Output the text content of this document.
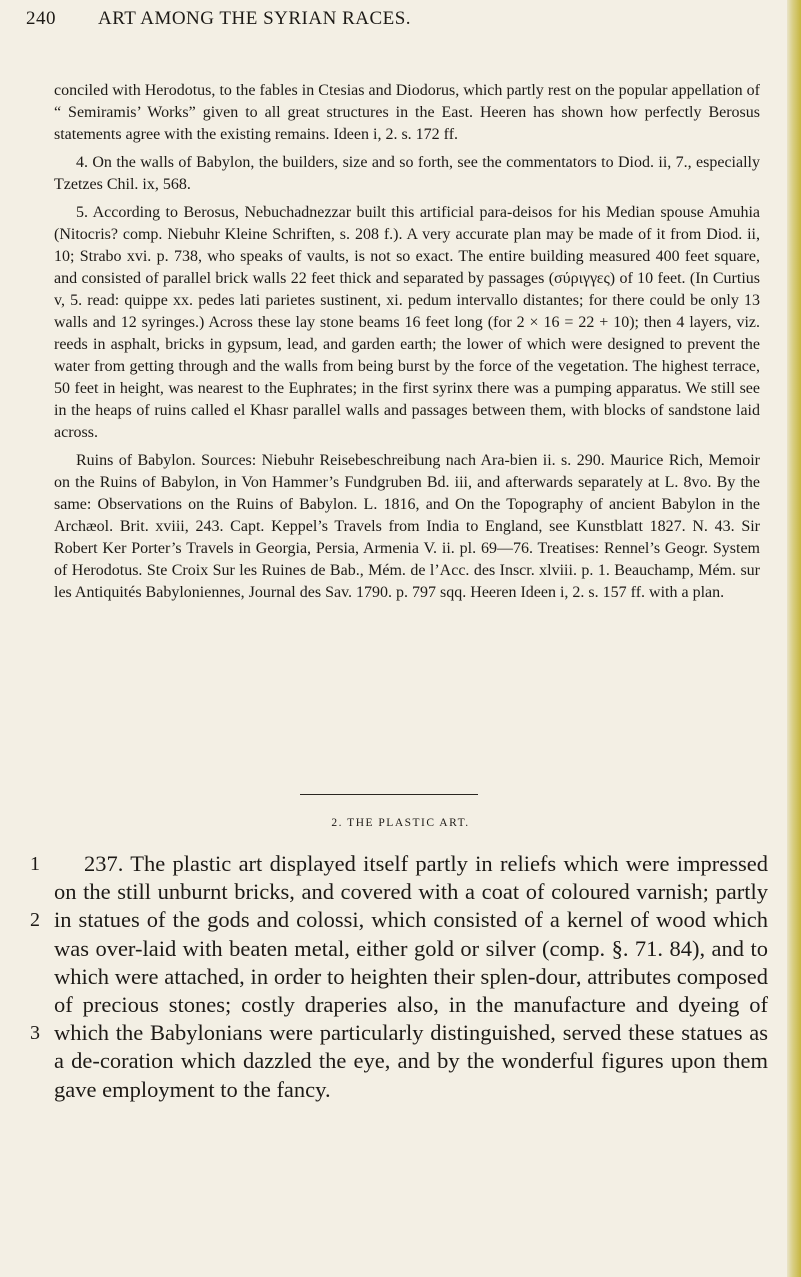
240 ART AMONG THE SYRIAN RACES.

conciled with Herodotus, to the fables in Ctesias and Diodorus, which partly rest on the popular appellation of “ Semiramis’ Works” given to all great structures in the East. Heeren has shown how perfectly Berosus statements agree with the existing remains. Ideen i, 2. s. 172 ff.

4. On the walls of Babylon, the builders, size and so forth, see the commentators to Diod. ii, 7., especially Tzetzes Chil. ix, 568.

5. According to Berosus, Nebuchadnezzar built this artificial para-deisos for his Median spouse Amuhia (Nitocris? comp. Niebuhr Kleine Schriften, s. 208 f.). A very accurate plan may be made of it from Diod. ii, 10; Strabo xvi. p. 738, who speaks of vaults, is not so exact. The entire building measured 400 feet square, and consisted of parallel brick walls 22 feet thick and separated by passages (σύριγγες) of 10 feet. (In Curtius v, 5. read: quippe xx. pedes lati parietes sustinent, xi. pedum intervallo distantes; for there could be only 13 walls and 12 syringes.) Across these lay stone beams 16 feet long (for 2 × 16 = 22 + 10); then 4 layers, viz. reeds in asphalt, bricks in gypsum, lead, and garden earth; the lower of which were designed to prevent the water from getting through and the walls from being burst by the force of the vegetation. The highest terrace, 50 feet in height, was nearest to the Euphrates; in the first syrinx there was a pumping apparatus. We still see in the heaps of ruins called el Khasr parallel walls and passages between them, with blocks of sandstone laid across.

Ruins of Babylon. Sources: Niebuhr Reisebeschreibung nach Ara-bien ii. s. 290. Maurice Rich, Memoir on the Ruins of Babylon, in Von Hammer’s Fundgruben Bd. iii, and afterwards separately at L. 8vo. By the same: Observations on the Ruins of Babylon. L. 1816, and On the Topography of ancient Babylon in the Archæol. Brit. xviii, 243. Capt. Keppel’s Travels from India to England, see Kunstblatt 1827. N. 43. Sir Robert Ker Porter’s Travels in Georgia, Persia, Armenia V. ii. pl. 69—76. Treatises: Rennel’s Geogr. System of Herodotus. Ste Croix Sur les Ruines de Bab., Mém. de l’Acc. des Inscr. xlviii. p. 1. Beauchamp, Mém. sur les Antiquités Babyloniennes, Journal des Sav. 1790. p. 797 sqq. Heeren Ideen i, 2. s. 157 ff. with a plan.

2. THE PLASTIC ART.
1
2
3

237. The plastic art displayed itself partly in reliefs which were impressed on the still unburnt bricks, and covered with a coat of coloured varnish; partly in statues of the gods and colossi, which consisted of a kernel of wood which was over-laid with beaten metal, either gold or silver (comp. §. 71. 84), and to which were attached, in order to heighten their splen-dour, attributes composed of precious stones; costly draperies also, in the manufacture and dyeing of which the Babylonians were particularly distinguished, served these statues as a de-coration which dazzled the eye, and by the wonderful figures upon them gave employment to the fancy.
